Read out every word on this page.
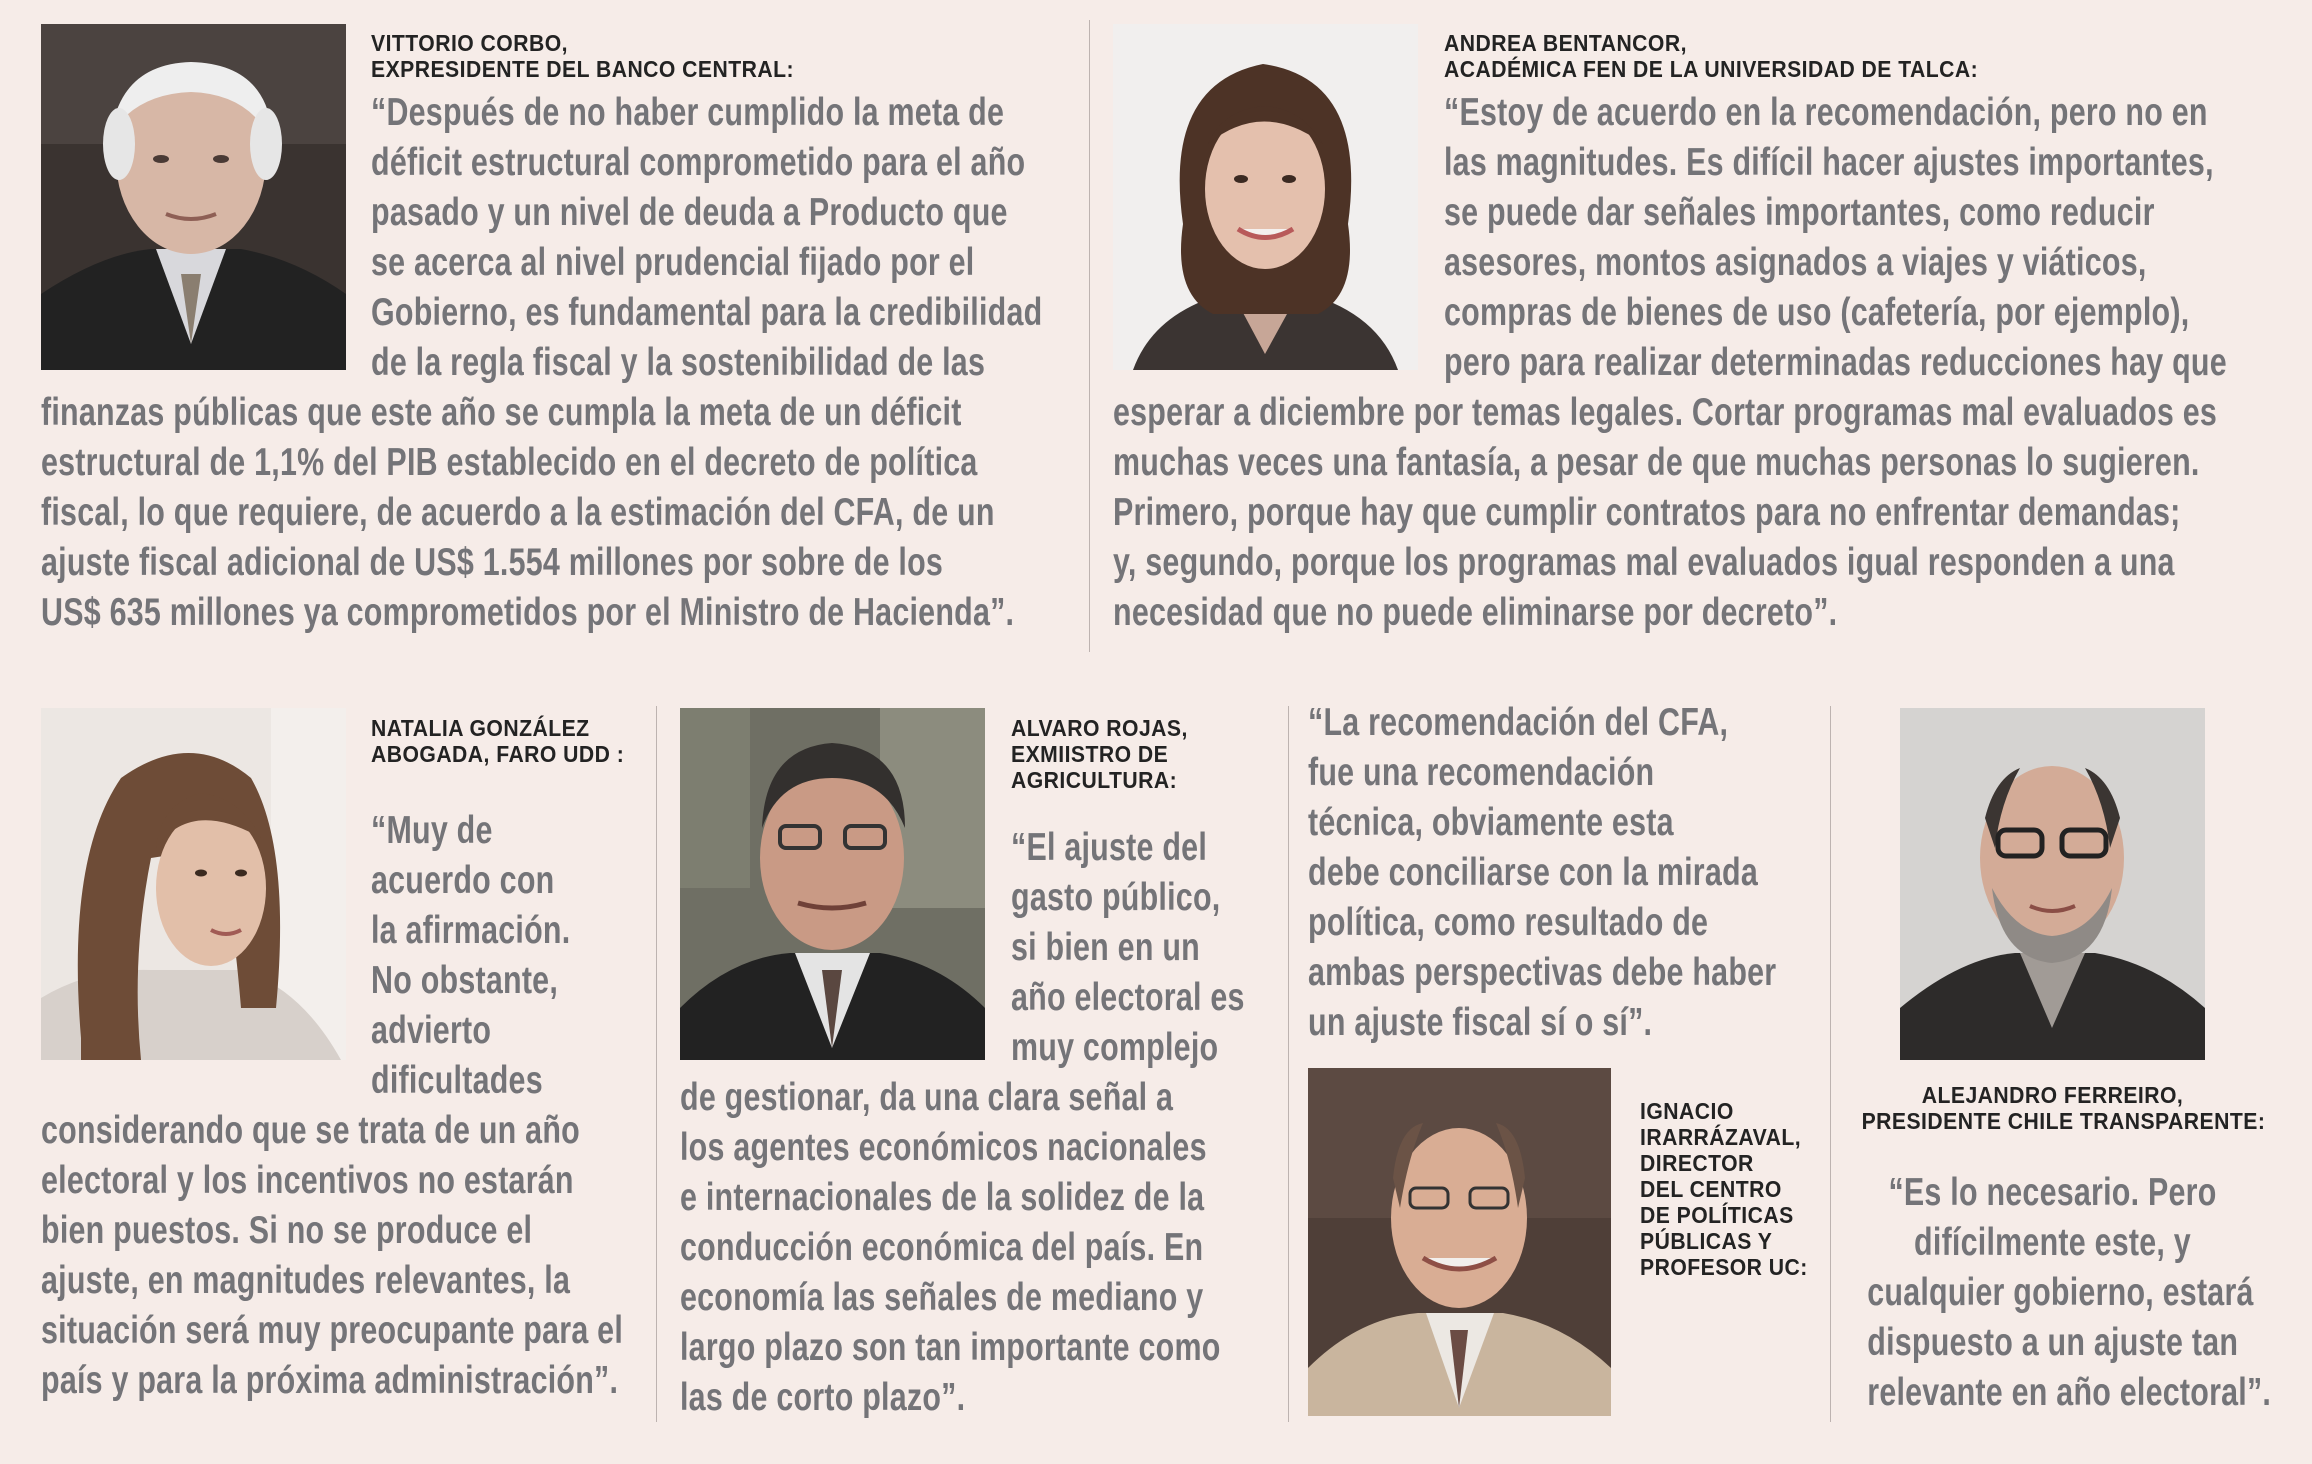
VITTORIO CORBO,
EXPRESIDENTE DEL BANCO CENTRAL:
“Después de no haber cumplido la meta de
déficit estructural comprometido para el año
pasado y un nivel de deuda a Producto que
se acerca al nivel prudencial fijado por el
Gobierno, es fundamental para la credibilidad
de la regla fiscal y la sostenibilidad de las
finanzas públicas que este año se cumpla la meta de un déficit
estructural de 1,1% del PIB establecido en el decreto de política
fiscal, lo que requiere, de acuerdo a la estimación del CFA, de un
ajuste fiscal adicional de US$ 1.554 millones por sobre de los
US$ 635 millones ya comprometidos por el Ministro de Hacienda”.
ANDREA BENTANCOR,
ACADÉMICA FEN DE LA UNIVERSIDAD DE TALCA:
“Estoy de acuerdo en la recomendación, pero no en
las magnitudes. Es difícil hacer ajustes importantes,
se puede dar señales importantes, como reducir
asesores, montos asignados a viajes y viáticos,
compras de bienes de uso (cafetería, por ejemplo),
pero para realizar determinadas reducciones hay que
esperar a diciembre por temas legales. Cortar programas mal evaluados es
muchas veces una fantasía, a pesar de que muchas personas lo sugieren.
Primero, porque hay que cumplir contratos para no enfrentar demandas;
y, segundo, porque los programas mal evaluados igual responden a una
necesidad que no puede eliminarse por decreto”.
NATALIA GONZÁLEZ
ABOGADA, FARO UDD :
“Muy de
acuerdo con
la afirmación.
No obstante,
advierto
dificultades
considerando que se trata de un año
electoral y los incentivos no estarán
bien puestos. Si no se produce el
ajuste, en magnitudes relevantes, la
situación será muy preocupante para el
país y para la próxima administración”.
ALVARO ROJAS,
EXMIISTRO DE
AGRICULTURA:
“El ajuste del
gasto público,
si bien en un
año electoral es
muy complejo
de gestionar, da una clara señal a
los agentes económicos nacionales
e internacionales de la solidez de la
conducción económica del país. En
economía las señales de mediano y
largo plazo son tan importante como
las de corto plazo”.
“La recomendación del CFA,
fue una recomendación
técnica, obviamente esta
debe conciliarse con la mirada
política, como resultado de
ambas perspectivas debe haber
un ajuste fiscal sí o sí”.
IGNACIO
IRARRÁZAVAL,
DIRECTOR
DEL CENTRO
DE POLÍTICAS
PÚBLICAS Y
PROFESOR UC:
ALEJANDRO FERREIRO,
PRESIDENTE CHILE TRANSPARENTE:
“Es lo necesario. Pero
difícilmente este, y
cualquier gobierno, estará
dispuesto a un ajuste tan
relevante en año electoral”.
